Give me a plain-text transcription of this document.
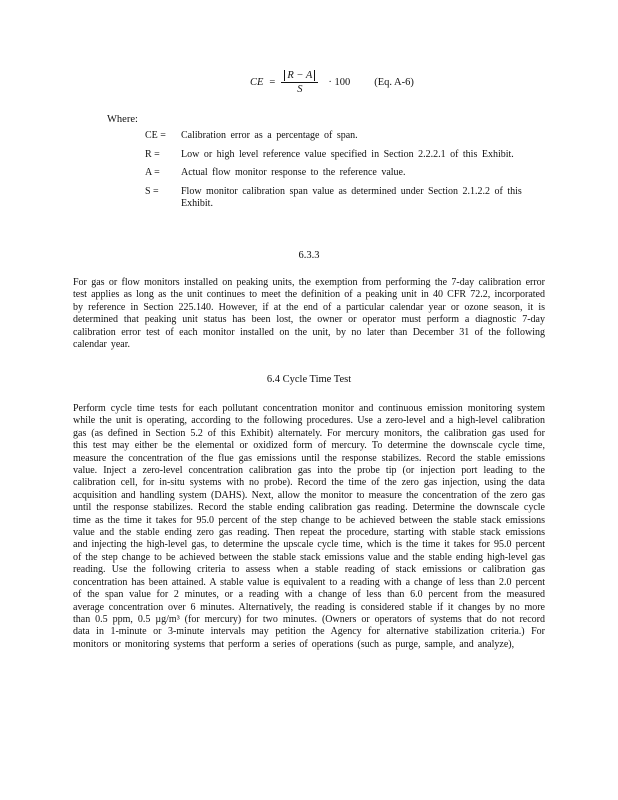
CE = $\frac{R - A}{S} \cdot 100$ (Eq. A-6)
Where:
CE =	Calibration error as a percentage of span.
R =	Low or high level reference value specified in Section 2.2.2.1 of this Exhibit.
A =	Actual flow monitor response to the reference value.
S =	Flow monitor calibration span value as determined under Section 2.1.2.2 of this Exhibit.
6.3.3
For gas or flow monitors installed on peaking units, the exemption from performing the 7-day calibration error test applies as long as the unit continues to meet the definition of a peaking unit in 40 CFR 72.2, incorporated by reference in Section 225.140. However, if at the end of a particular calendar year or ozone season, it is determined that peaking unit status has been lost, the owner or operator must perform a diagnostic 7-day calibration error test of each monitor installed on the unit, by no later than December 31 of the following calendar year.
6.4 Cycle Time Test
Perform cycle time tests for each pollutant concentration monitor and continuous emission monitoring system while the unit is operating, according to the following procedures. Use a zero-level and a high-level calibration gas (as defined in Section 5.2 of this Exhibit) alternately. For mercury monitors, the calibration gas used for this test may either be the elemental or oxidized form of mercury. To determine the downscale cycle time, measure the concentration of the flue gas emissions until the response stabilizes. Record the stable emissions value. Inject a zero-level concentration calibration gas into the probe tip (or injection port leading to the calibration cell, for in-situ systems with no probe). Record the time of the zero gas injection, using the data acquisition and handling system (DAHS). Next, allow the monitor to measure the concentration of the zero gas until the response stabilizes. Record the stable ending calibration gas reading. Determine the downscale cycle time as the time it takes for 95.0 percent of the step change to be achieved between the stable stack emissions value and the stable ending zero gas reading. Then repeat the procedure, starting with stable stack emissions and injecting the high-level gas, to determine the upscale cycle time, which is the time it takes for 95.0 percent of the step change to be achieved between the stable stack emissions value and the stable ending high-level gas reading. Use the following criteria to assess when a stable reading of stack emissions or calibration gas concentration has been attained. A stable value is equivalent to a reading with a change of less than 2.0 percent of the span value for 2 minutes, or a reading with a change of less than 6.0 percent from the measured average concentration over 6 minutes. Alternatively, the reading is considered stable if it changes by no more than 0.5 ppm, 0.5 µg/m³ (for mercury) for two minutes. (Owners or operators of systems that do not record data in 1-minute or 3-minute intervals may petition the Agency for alternative stabilization criteria.) For monitors or monitoring systems that perform a series of operations (such as purge, sample, and analyze),
